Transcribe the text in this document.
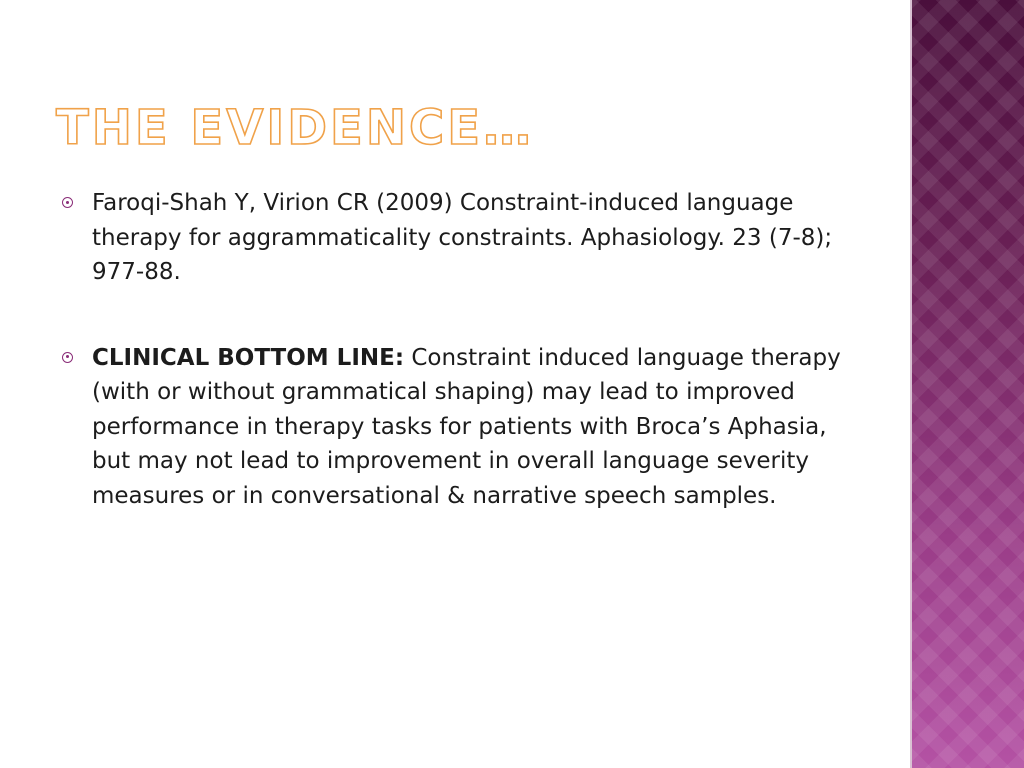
THE EVIDENCE…
Faroqi-Shah Y, Virion CR (2009) Constraint-induced language therapy for aggrammaticality constraints. Aphasiology. 23 (7-8); 977-88.
CLINICAL BOTTOM LINE: Constraint induced language therapy (with or without grammatical shaping) may lead to improved performance in therapy tasks for patients with Broca’s Aphasia, but may not lead to improvement in overall language severity measures or in conversational & narrative speech samples.
